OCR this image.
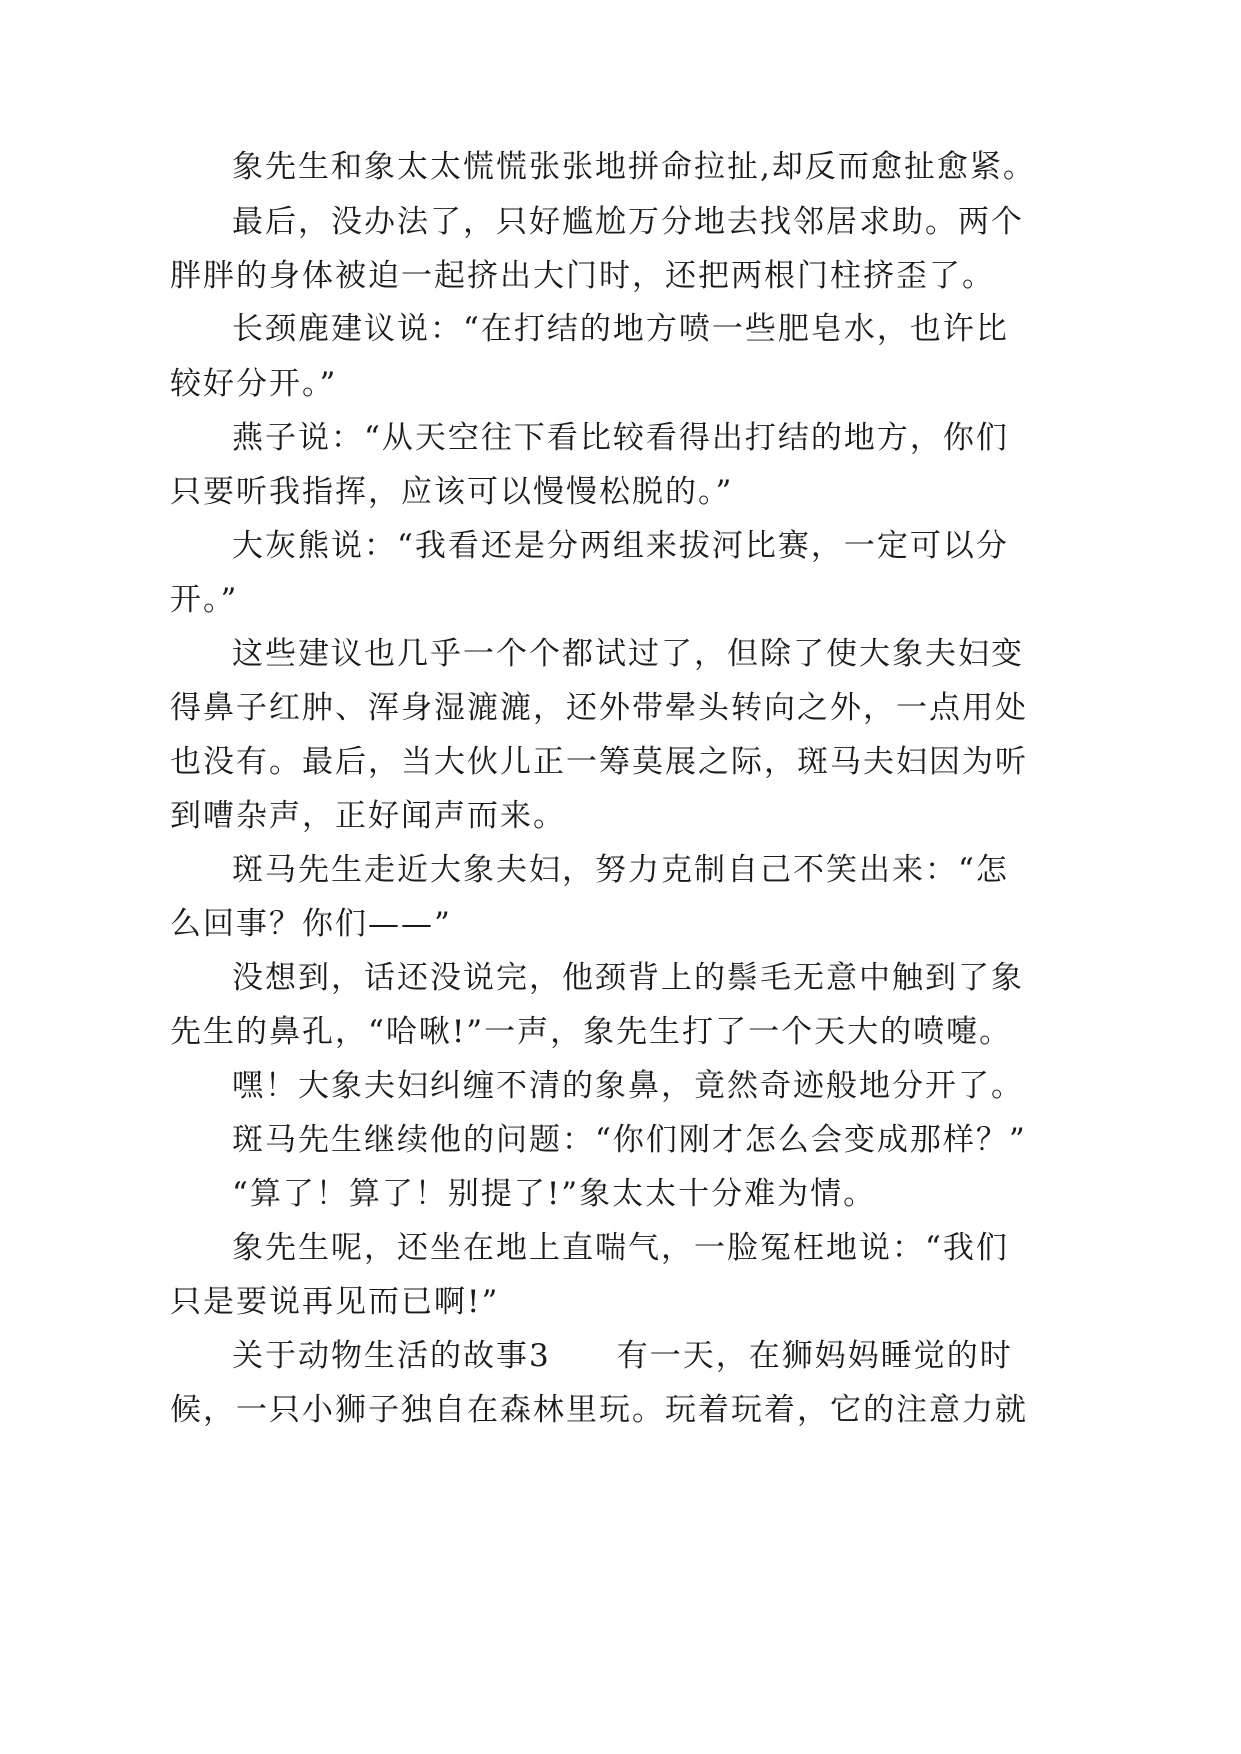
象先生和象太太慌慌张张地拼命拉扯,却反而愈扯愈紧。
最后，没办法了，只好尴尬万分地去找邻居求助。两个
胖胖的身体被迫一起挤出大门时，还把两根门柱挤歪了。
长颈鹿建议说：“在打结的地方喷一些肥皂水，也许比
较好分开。”
燕子说：“从天空往下看比较看得出打结的地方，你们
只要听我指挥，应该可以慢慢松脱的。”
大灰熊说：“我看还是分两组来拔河比赛，一定可以分
开。”
这些建议也几乎一个个都试过了，但除了使大象夫妇变
得鼻子红肿、浑身湿漉漉，还外带晕头转向之外，一点用处
也没有。最后，当大伙儿正一筹莫展之际，斑马夫妇因为听
到嘈杂声，正好闻声而来。
斑马先生走近大象夫妇，努力克制自己不笑出来：“怎
么回事？你们——”
没想到，话还没说完，他颈背上的鬃毛无意中触到了象
先生的鼻孔，“哈啾!”一声，象先生打了一个天大的喷嚏。
嘿！大象夫妇纠缠不清的象鼻，竟然奇迹般地分开了。
斑马先生继续他的问题：“你们刚才怎么会变成那样？”
“算了！算了！别提了!”象太太十分难为情。
象先生呢，还坐在地上直喘气，一脸冤枉地说：“我们
只是要说再见而已啊!”
关于动物生活的故事3　　有一天，在狮妈妈睡觉的时
候，一只小狮子独自在森林里玩。玩着玩着，它的注意力就
